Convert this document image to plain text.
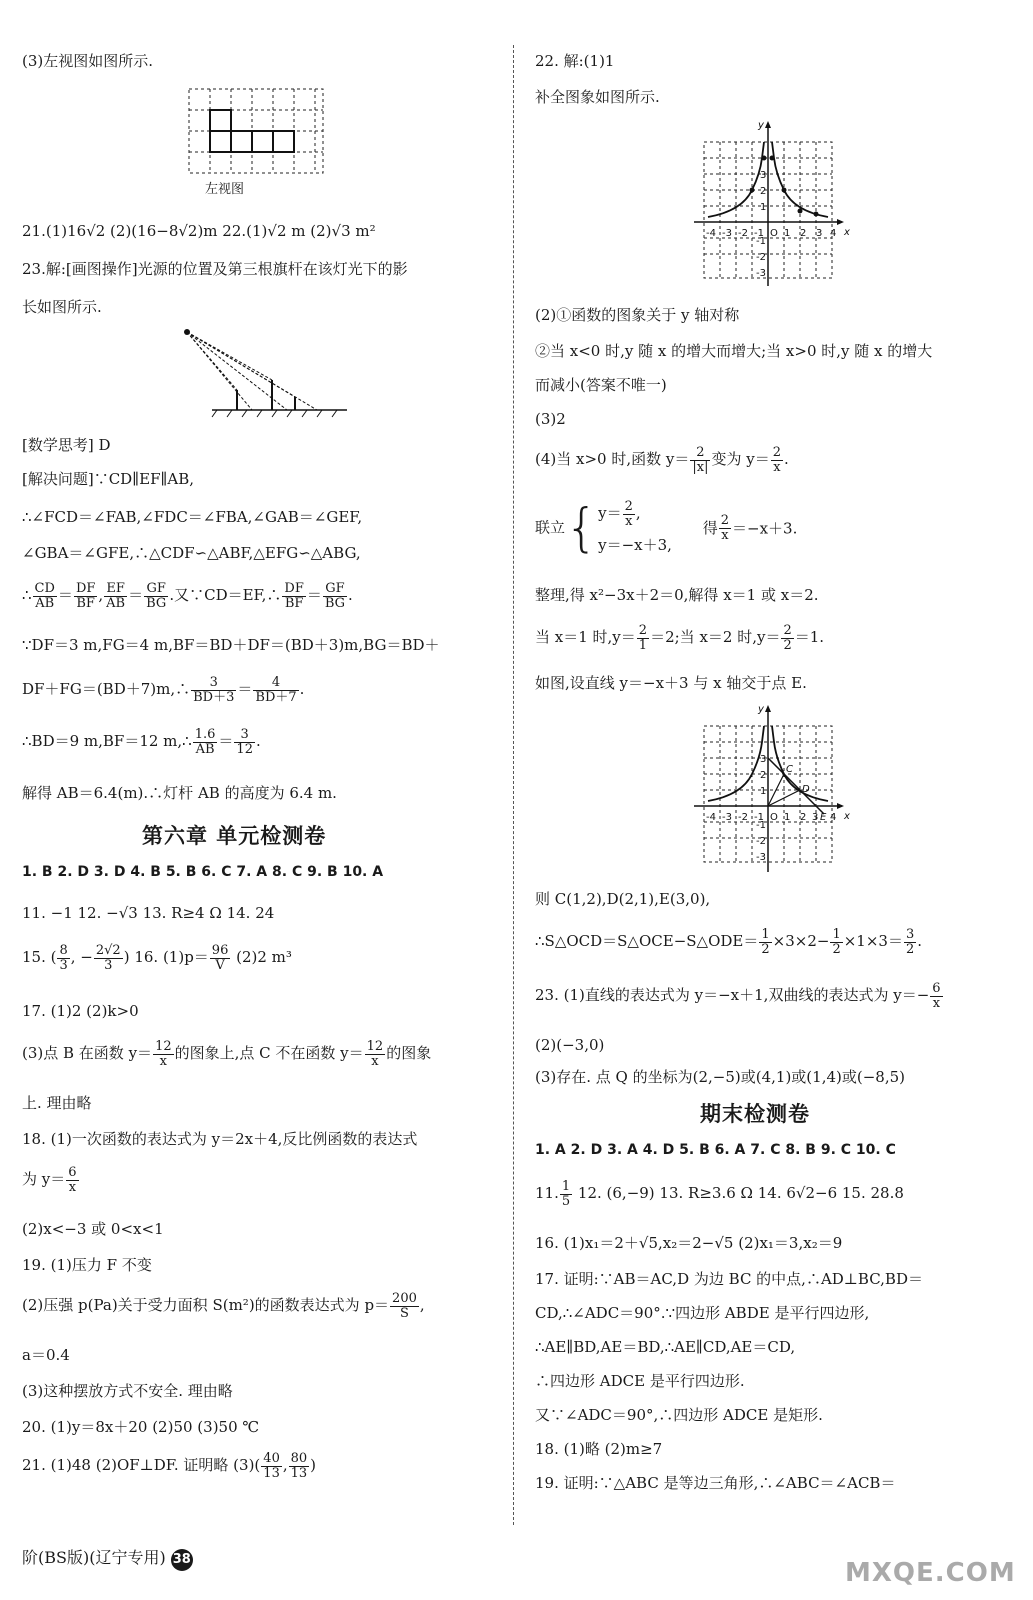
(3)左视图如图所示.
左视图
21.(1)16√2 (2)(16−8√2)m 22.(1)√2 m (2)√3 m²
23.解:[画图操作]光源的位置及第三根旗杆在该灯光下的影
长如图所示.
[数学思考] D
[解决问题]∵CD∥EF∥AB,
∴∠FCD＝∠FAB,∠FDC＝∠FBA,∠GAB＝∠GEF,
∠GBA＝∠GFE,∴△CDF∽△ABF,△EFG∽△ABG,
∴ $\frac{CD}{AB} = \frac{DF}{BF}$ , $\frac{EF}{AB} = \frac{GF}{BG}$ .又∵CD＝EF,∴ $\frac{DF}{BF} = \frac{GF}{BG}$ .
∵DF＝3 m,FG＝4 m,BF＝BD＋DF＝(BD＋3)m,BG＝BD＋
DF＋FG＝(BD＋7)m,∴ $\frac{3}{BD+3} = \frac{4}{BD+7}$ .
∴BD＝9 m,BF＝12 m,∴ $\frac{1.6}{AB} = \frac{3}{12}$ .
解得 AB＝6.4(m).∴灯杆 AB 的高度为 6.4 m.
第六章 单元检测卷
1. B 2. D 3. D 4. B 5. B 6. C 7. A 8. C 9. B 10. A
11. −1 12. −√3 13. R≥4 Ω 14. 24
15. ( $\frac{8}{3}$ , − $\frac{2√2}{3}$ ) 16. $(1)p= \frac{96}{V} (2)2$ m³
17. (1)2 (2)k>0
(3)点 B 在函数 $y= \frac{12}{x}$ 的图象上,点 C 不在函数 $y= \frac{12}{x}$ 的图象
上. 理由略
18. (1)一次函数的表达式为 y＝2x＋4,反比例函数的表达式
为 $y= \frac{6}{x}$
(2)x<−3 或 0<x<1
19. (1)压力 F 不变
(2)压强 p(Pa)关于受力面积 S(m²)的函数表达式为 $p= \frac{200}{S}$ ,
a＝0.4
(3)这种摆放方式不安全. 理由略
20. (1)y＝8x＋20 (2)50 (3)50 ℃
21. (1)48 (2)OF⊥DF. 证明略 $(3)( \frac{40}{13}$ , $\frac{80}{13}$ )
阶(BS版)(辽宁专用) 38
22. 解:(1)1
补全图象如图所示.
-4 -3 -2 -1 O 1 2 3 4
3
2
1
-1
-2
-3
x
y
(2)①函数的图象关于 y 轴对称
②当 x<0 时,y 随 x 的增大而增大;当 x>0 时,y 随 x 的增大
而减小(答案不唯一)
(3)2
(4)当 x>0 时,函数 $y= \frac{2}{|x|}$ 变为 $y= \frac{2}{x}$ .
联立{ $y= \frac{2}{x}$ ,
y＝−x＋3,
得 $\frac{2}{x} =-x+3$.
整理,得 x²−3x＋2＝0,解得 x＝1 或 x＝2.
当 x＝1 时$,y= \frac{2}{1} =2$;当 x＝2 时$,y= \frac{2}{2} =1$.
如图,设直线 y＝−x＋3 与 x 轴交于点 E.
-4 -3 -2 -1 O 1 2 3 4
3
2
1
-1
-2
-3
x
y
C
D
E
则 C(1,2),D(2,1),E(3,0),
∴S△OCD＝S△OCE−S△ODE＝ $\frac{1}{2} \times 3\times 2- \frac{1}{2} \times 1\times 3= \frac{3}{2}$ .
23. (1)直线的表达式为 y＝−x＋1,双曲线的表达式为 $y=- \frac{6}{x}$
(2)(−3,0)
(3)存在. 点 Q 的坐标为(2,−5)或(4,1)或(1,4)或(−8,5)
期末检测卷
1. A 2. D 3. A 4. D 5. B 6. A 7. C 8. B 9. C 10. C
11. $\frac{1}{5} 12$. (6,−9) 13. R≥3.6 Ω 14. 6√2−6 15. 28.8
16. (1)x₁＝2＋√5,x₂＝2−√5 (2)x₁＝3,x₂＝9
17. 证明:∵AB＝AC,D 为边 BC 的中点,∴AD⊥BC,BD＝
CD,∴∠ADC＝90°.∵四边形 ABDE 是平行四边形,
∴AE∥BD,AE＝BD,∴AE∥CD,AE＝CD,
∴四边形 ADCE 是平行四边形.
又∵∠ADC＝90°,∴四边形 ADCE 是矩形.
18. (1)略 (2)m≥7
19. 证明:∵△ABC 是等边三角形,∴∠ABC＝∠ACB＝
MXQE.COM
